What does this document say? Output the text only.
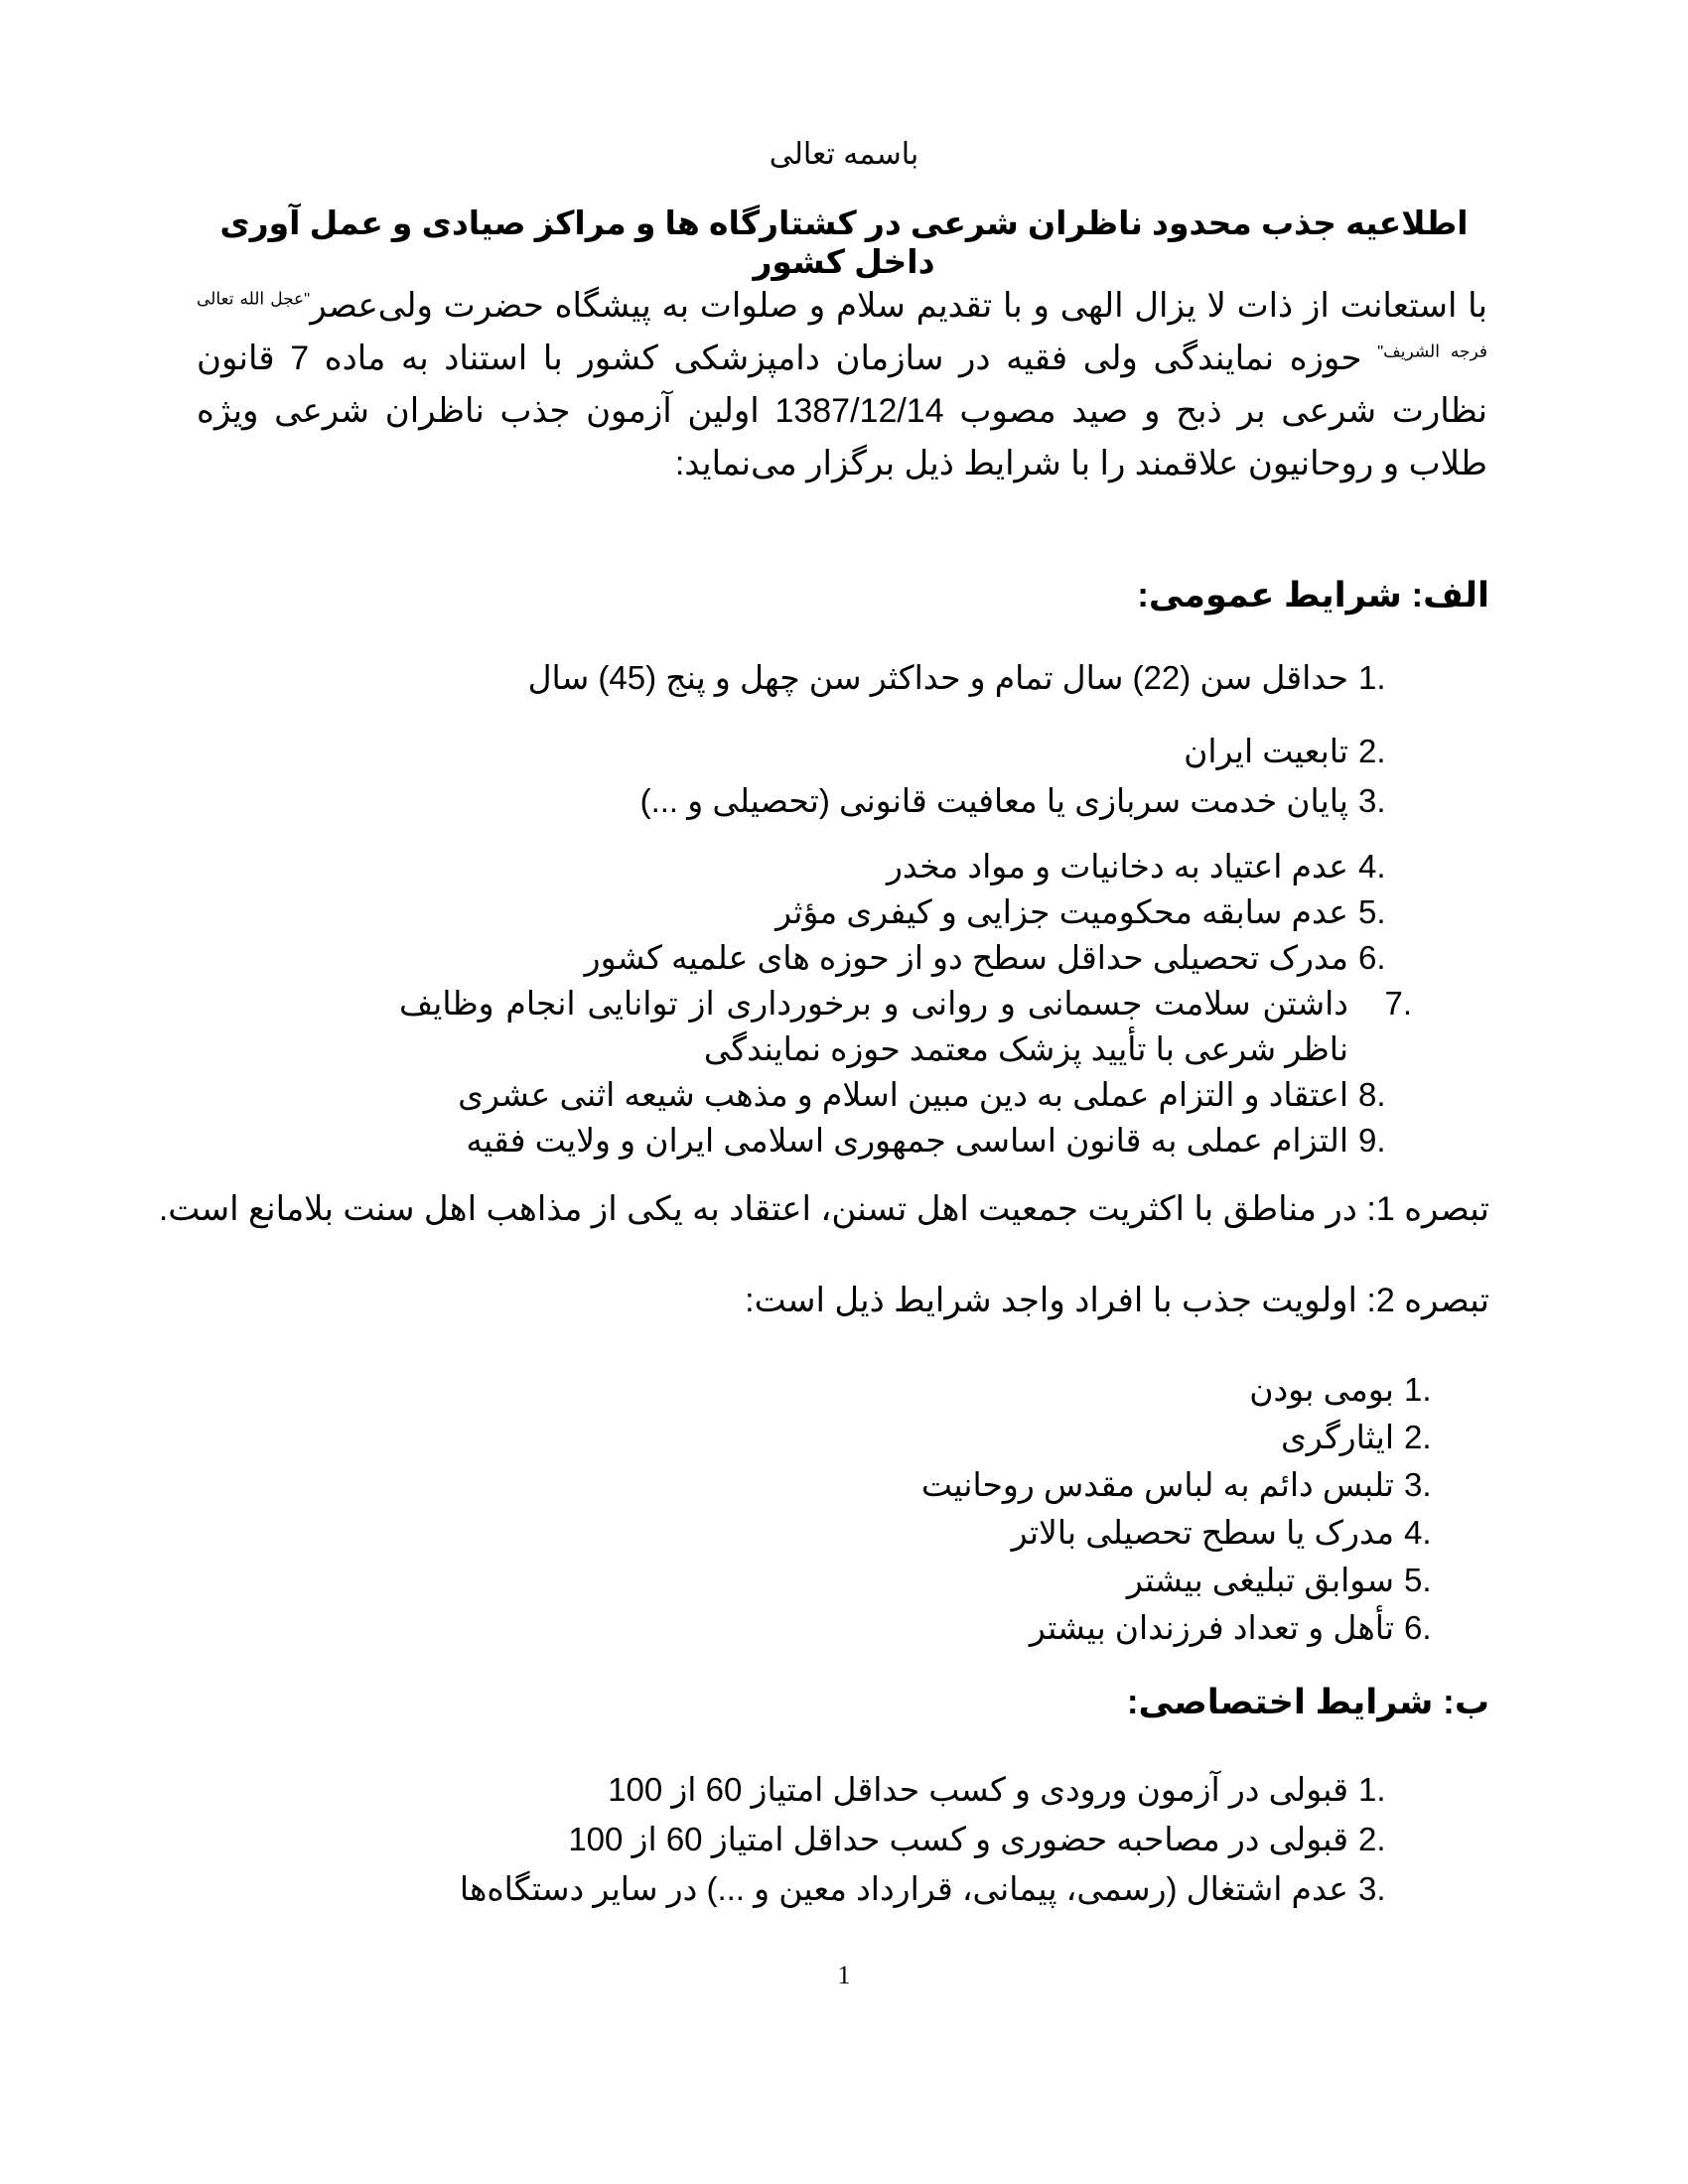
باسمه تعالی
اطلاعیه جذب محدود ناظران شرعی در کشتارگاه ها و مراکز صیادی و عمل آوری داخل کشور
با استعانت از ذات لا یزال الهی و با تقدیم سلام و صلوات به پیشگاه حضرت ولی‌عصر$^{"عجل الله تعالی فرجه الشریف"}$ حوزه نمایندگی ولی فقیه در سازمان دامپزشکی کشور با استناد به ماده 7 قانون نظارت شرعی بر ذبح و صید مصوب 1387/12/14 اولین آزمون جذب ناظران شرعی ویژه طلاب و روحانیون علاقمند را با شرایط ذیل برگزار می‌نماید:
الف: شرایط عمومی:
1.
حداقل سن (22) سال تمام و حداکثر سن چهل و پنج (45) سال
2.
تابعیت ایران
3.
پایان خدمت سربازی یا معافیت قانونی (تحصیلی و ...)
4.
عدم اعتیاد به دخانیات و مواد مخدر
5.
عدم سابقه محکومیت جزایی و کیفری مؤثر
6.
مدرک تحصیلی حداقل سطح دو از حوزه های علمیه کشور
7.
داشتن سلامت جسمانی و روانی و برخورداری از توانایی انجام وظایف ناظر شرعی با تأیید پزشک معتمد حوزه نمایندگی
8.
اعتقاد و التزام عملی به دین مبین اسلام و مذهب شیعه اثنی عشری
9.
التزام عملی به قانون اساسی جمهوری اسلامی ایران و ولایت فقیه
تبصره 1: در مناطق با اکثریت جمعیت اهل تسنن، اعتقاد به یکی از مذاهب اهل سنت بلامانع است.
تبصره 2: اولویت جذب با افراد واجد شرایط ذیل است:
1.
بومی بودن
2.
ایثارگری
3.
تلبس دائم به لباس مقدس روحانیت
4.
مدرک یا سطح تحصیلی بالاتر
5.
سوابق تبلیغی بیشتر
6.
تأهل و تعداد فرزندان بیشتر
ب: شرایط اختصاصی:
1.
قبولی در آزمون ورودی و کسب حداقل امتیاز 60 از 100
2.
قبولی در مصاحبه حضوری و کسب حداقل امتیاز 60 از 100
3.
عدم اشتغال (رسمی، پیمانی، قرارداد معین و ...) در سایر دستگاه‌ها
1
